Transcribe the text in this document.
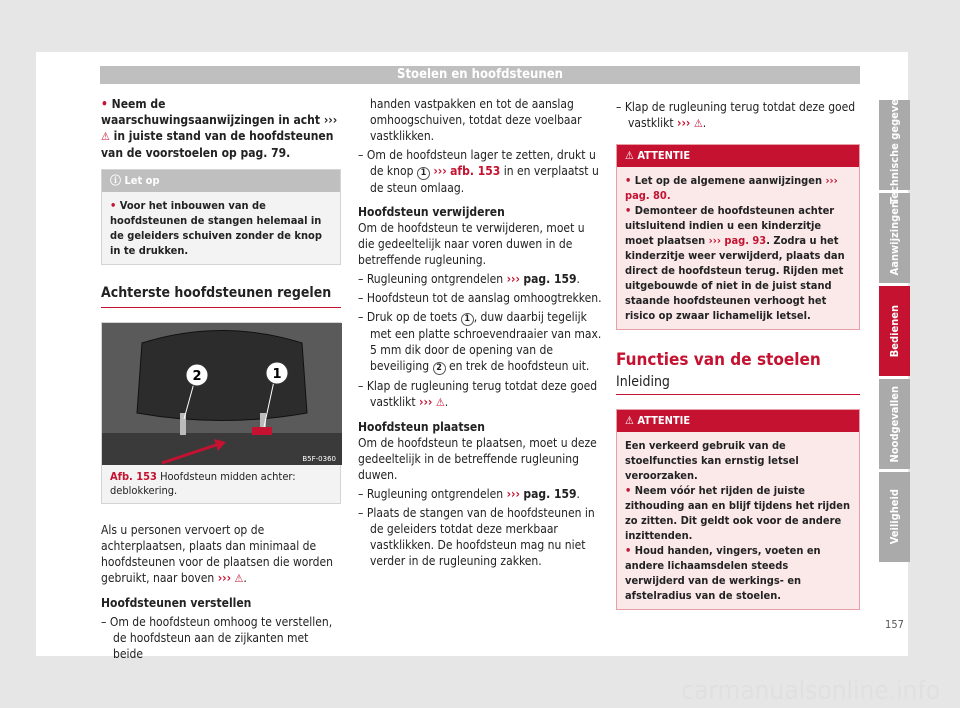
Stoelen en hoofdsteunen

• Neem de waarschuwingsaanwijzingen in acht ››› ⚠ in juiste stand van de hoofdsteunen van de voorstoelen op pag. 79.

ⓘ Let op
• Voor het inbouwen van de hoofdsteunen de stangen helemaal in de geleiders schuiven zonder de knop in te drukken.
Achterste hoofdsteunen regelen
2	1
B5F-0360
Afb. 153 Hoofdsteun midden achter: deblokkering.

Als u personen vervoert op de achterplaatsen, plaats dan minimaal de hoofdsteunen voor de plaatsen die worden gebruikt, naar boven ››› ⚠.

Hoofdsteunen verstellen

– Om de hoofdsteun omhoog te verstellen, de hoofdsteun aan de zijkanten met beide

handen vastpakken en tot de aanslag omhoogschuiven, totdat deze voelbaar vastklikken.

– Om de hoofdsteun lager te zetten, drukt u de knop 1 ››› afb. 153 in en verplaatst u de steun omlaag.

Hoofdsteun verwijderen

Om de hoofdsteun te verwijderen, moet u die gedeeltelijk naar voren duwen in de betreffende rugleuning.

– Rugleuning ontgrendelen ››› pag. 159.

– Hoofdsteun tot de aanslag omhoogtrekken.

– Druk op de toets 1 , duw daarbij tegelijk met een platte schroevendraaier van max. 5 mm dik door de opening van de beveiliging 2 en trek de hoofdsteun uit.

– Klap de rugleuning terug totdat deze goed vastklikt ››› ⚠.

Hoofdsteun plaatsen

Om de hoofdsteun te plaatsen, moet u deze gedeeltelijk in de betreffende rugleuning duwen.

– Rugleuning ontgrendelen ››› pag. 159.

– Plaats de stangen van de hoofdsteunen in de geleiders totdat deze merkbaar vastklikken. De hoofdsteun mag nu niet verder in de rugleuning zakken.

– Klap de rugleuning terug totdat deze goed vastklikt ››› ⚠.

⚠ ATTENTIE

• Let op de algemene aanwijzingen ››› pag. 80.

• Demonteer de hoofdsteunen achter uitsluitend indien u een kinderzitje moet plaatsen ››› pag. 93. Zodra u het kinderzitje weer verwijderd, plaats dan direct de hoofdsteun terug. Rijden met uitgebouwde of niet in de juist stand staande hoofdsteunen verhoogt het risico op zwaar lichamelijk letsel.

Functies van de stoelen
Inleiding
⚠ ATTENTIE

Een verkeerd gebruik van de stoelfuncties kan ernstig letsel veroorzaken.

• Neem vóór het rijden de juiste zithouding aan en blijf tijdens het rijden zo zitten. Dit geldt ook voor de andere inzittenden.

• Houd handen, vingers, voeten en andere lichaamsdelen steeds verwijderd van de werkings- en afstelradius van de stoelen.

Technische gegevens
Aanwijzingen
Bedienen
Noodgevallen
Veiligheid
157
carmanualsonline.info
